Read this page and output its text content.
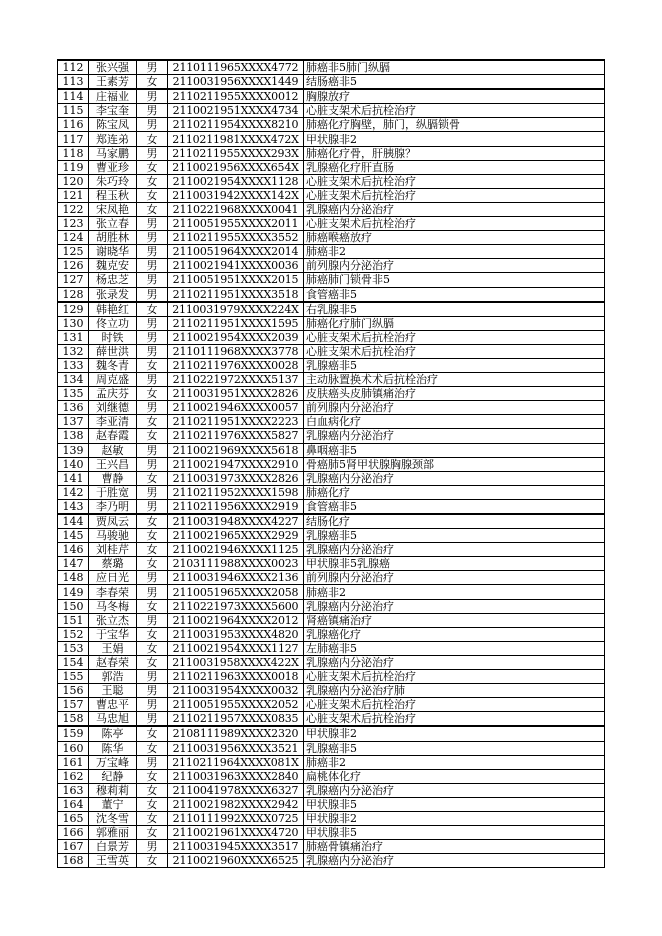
112	张兴强	男	2110111965XXXX4772	肺癌非5肺门纵膈
113	王素芳	女	2110031956XXXX1449	结肠癌非5
114	庄福业	男	2110211955XXXX0012	胸腺放疗
115	李宝奎	男	2110021951XXXX4734	心脏支架术后抗栓治疗
116	陈宝凤	男	2110211954XXXX8210	肺癌化疗胸壁，肺门，纵膈锁骨
117	郑连弟	女	2110211981XXXX472X	甲状腺非2
118	马家鹏	男	2110211955XXXX293X	肺癌化疗骨，肝胰腺？
119	曹亚珍	女	2110021956XXXX654X	乳腺癌化疗肝直肠
120	朱巧玲	女	2110021954XXXX1128	心脏支架术后抗栓治疗
121	程玉秋	女	2110031942XXXX142X	心脏支架术后抗栓治疗
122	宋凤艳	女	2110221968XXXX0041	乳腺癌内分泌治疗
123	张立春	男	2110051955XXXX2011	心脏支架术后抗栓治疗
124	胡胜林	男	2110211955XXXX3552	肺癌喉癌放疗
125	谢晓华	男	2110051964XXXX2014	肺癌非2
126	魏克安	男	2110021941XXXX0036	前列腺内分泌治疗
127	杨忠芝	男	2110051951XXXX2015	肺癌肺门锁骨非5
128	张录发	男	2110211951XXXX3518	食管癌非5
129	韩艳红	女	2110031979XXXX224X	右乳腺非5
130	佟立功	男	2110211951XXXX1595	肺癌化疗肺门纵膈
131	时铁	男	2110021954XXXX2039	心脏支架术后抗栓治疗
132	薛世洪	男	2110111968XXXX3778	心脏支架术后抗栓治疗
133	魏冬青	女	2110211976XXXX0028	乳腺癌非5
134	周克盛	男	2110221972XXXX5137	主动脉置换术术后抗栓治疗
135	孟庆芬	女	2110031951XXXX2826	皮肤癌头皮肺镇痛治疗
136	刘继德	男	2110021946XXXX0057	前列腺内分泌治疗
137	李亚清	女	2110211951XXXX2223	白血病化疗
138	赵春霞	女	2110211976XXXX5827	乳腺癌内分泌治疗
139	赵敏	男	2110021969XXXX5618	鼻咽癌非5
140	王兴昌	男	2110021947XXXX2910	骨癌肺5肾甲状腺胸腺颈部
141	曹静	女	2110031973XXXX2826	乳腺癌内分泌治疗
142	于胜宽	男	2110211952XXXX1598	肺癌化疗
143	李乃明	男	2110211956XXXX2919	食管癌非5
144	贾凤云	女	2110031948XXXX4227	结肠化疗
145	马骏驰	女	2110021965XXXX2929	乳腺癌非5
146	刘桂芹	女	2110021946XXXX1125	乳腺癌内分泌治疗
147	蔡璐	女	2103111988XXXX0023	甲状腺非5乳腺癌
148	应日光	男	2110031946XXXX2136	前列腺内分泌治疗
149	李春荣	男	2110051965XXXX2058	肺癌非2
150	马冬梅	女	2110221973XXXX5600	乳腺癌内分泌治疗
151	张立杰	男	2110021964XXXX2012	肾癌镇痛治疗
152	于宝华	女	2110031953XXXX4820	乳腺癌化疗
153	王娟	女	2110021954XXXX1127	左肺癌非5
154	赵春荣	女	2110031958XXXX422X	乳腺癌内分泌治疗
155	郭浩	男	2110211963XXXX0018	心脏支架术后抗栓治疗
156	王聪	男	2110031954XXXX0032	乳腺癌内分泌治疗肺
157	曹忠平	男	2110051955XXXX2052	心脏支架术后抗栓治疗
158	马忠旭	男	2110211957XXXX0835	心脏支架术后抗栓治疗
159	陈亭	女	2108111989XXXX2320	甲状腺非2
160	陈华	女	2110031956XXXX3521	乳腺癌非5
161	万宝峰	男	2110211964XXXX081X	肺癌非2
162	纪静	女	2110031963XXXX2840	扁桃体化疗
163	穆莉莉	女	2110041978XXXX6327	乳腺癌内分泌治疗
164	董宁	女	2110021982XXXX2942	甲状腺非5
165	沈冬雪	女	2110111992XXXX0725	甲状腺非2
166	郭雅丽	女	2110021961XXXX4720	甲状腺非5
167	白景芳	男	2110031945XXXX3517	肺癌骨镇痛治疗
168	王雪英	女	2110021960XXXX6525	乳腺癌内分泌治疗
